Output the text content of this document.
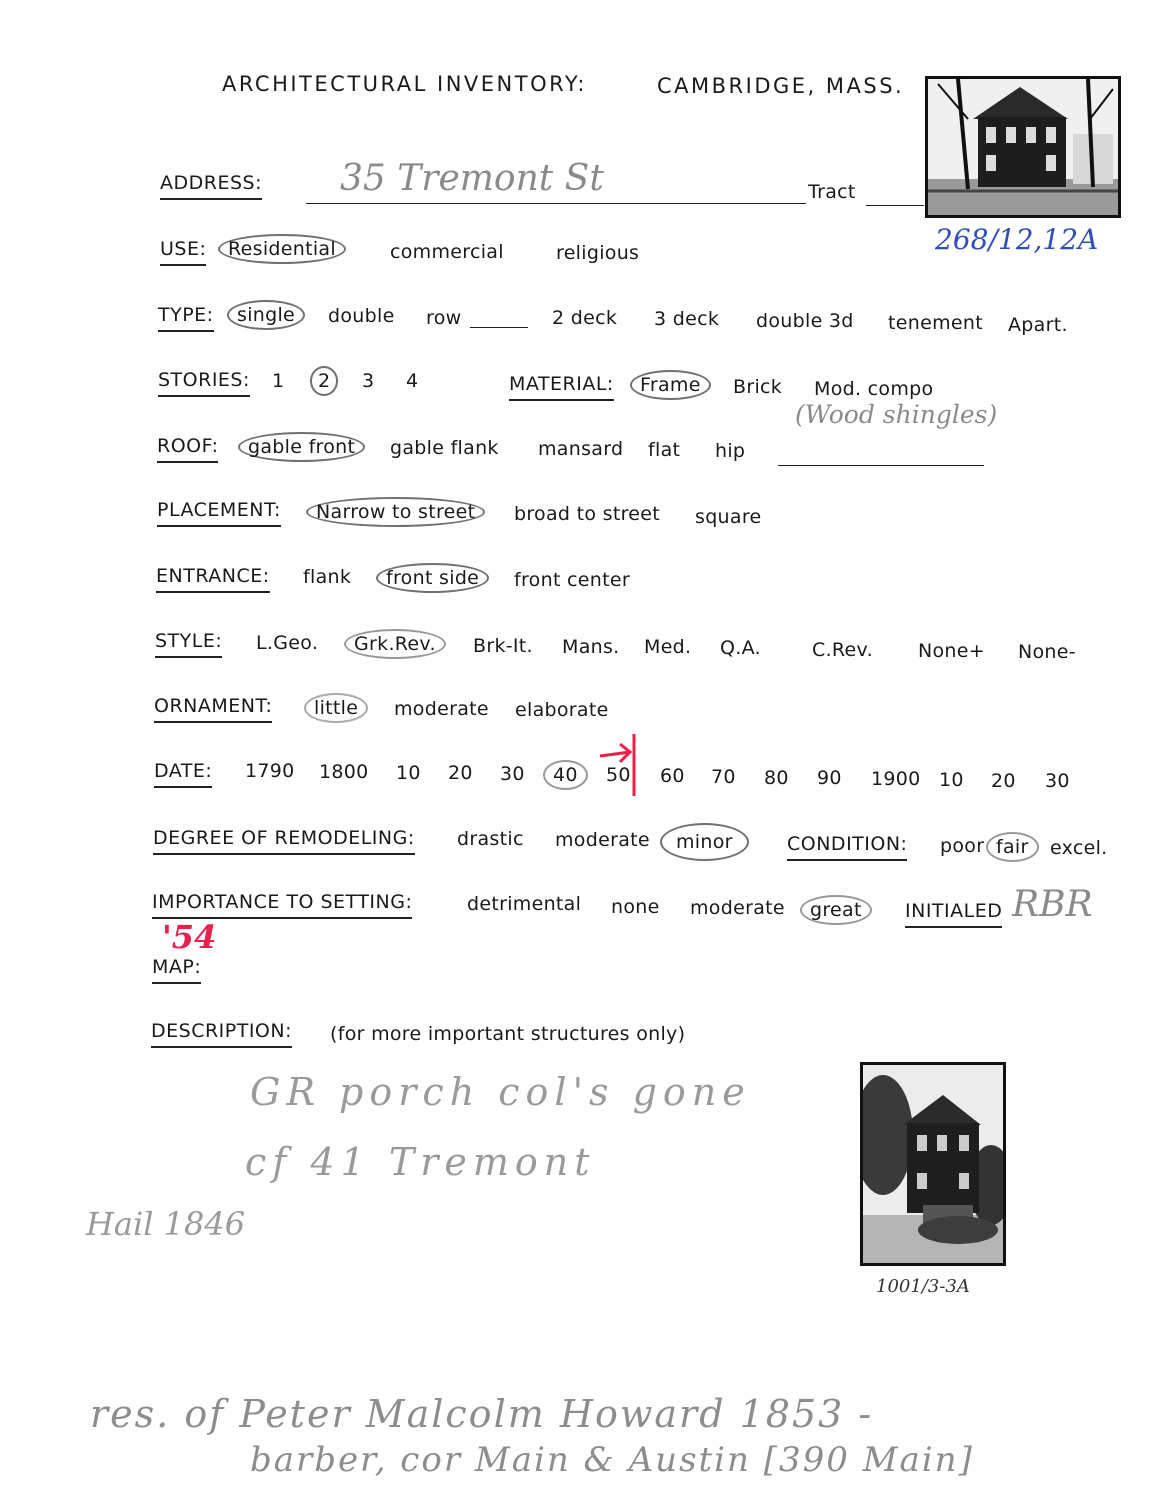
ARCHITECTURAL INVENTORY:	CAMBRIDGE, MASS.
ADDRESS: 35 Tremont St	Tract
268/12,12A
USE: Residential	commercial	religious
TYPE: single double row	2 deck 3 deck double 3d tenement Apart.
STORIES: 1 2 3 4	MATERIAL: Frame Brick Mod. compo
(Wood shingles)
ROOF: gable front gable flank mansard flat hip
PLACEMENT: Narrow to street broad to street square
ENTRANCE: flank front side front center
STYLE: L.Geo. Grk.Rev. Brk-It. Mans. Med. Q.A.	C.Rev. None+ None-
ORNAMENT: little moderate elaborate
DATE: 1790 1800 10 20 30 40 50 60 70 80 90 1900 10 20 30
DEGREE OF REMODELING: drastic moderate minor	CONDITION: poor fair excel.
IMPORTANCE TO SETTING:	detrimental none moderate great INITIALED RBR
'54
MAP:
DESCRIPTION: (for more important structures only)
GR porch col's gone
cf 41 Tremont
Hail 1846
1001/3-3A
res. of Peter Malcolm Howard 1853 -
barber, cor Main & Austin [390 Main]
